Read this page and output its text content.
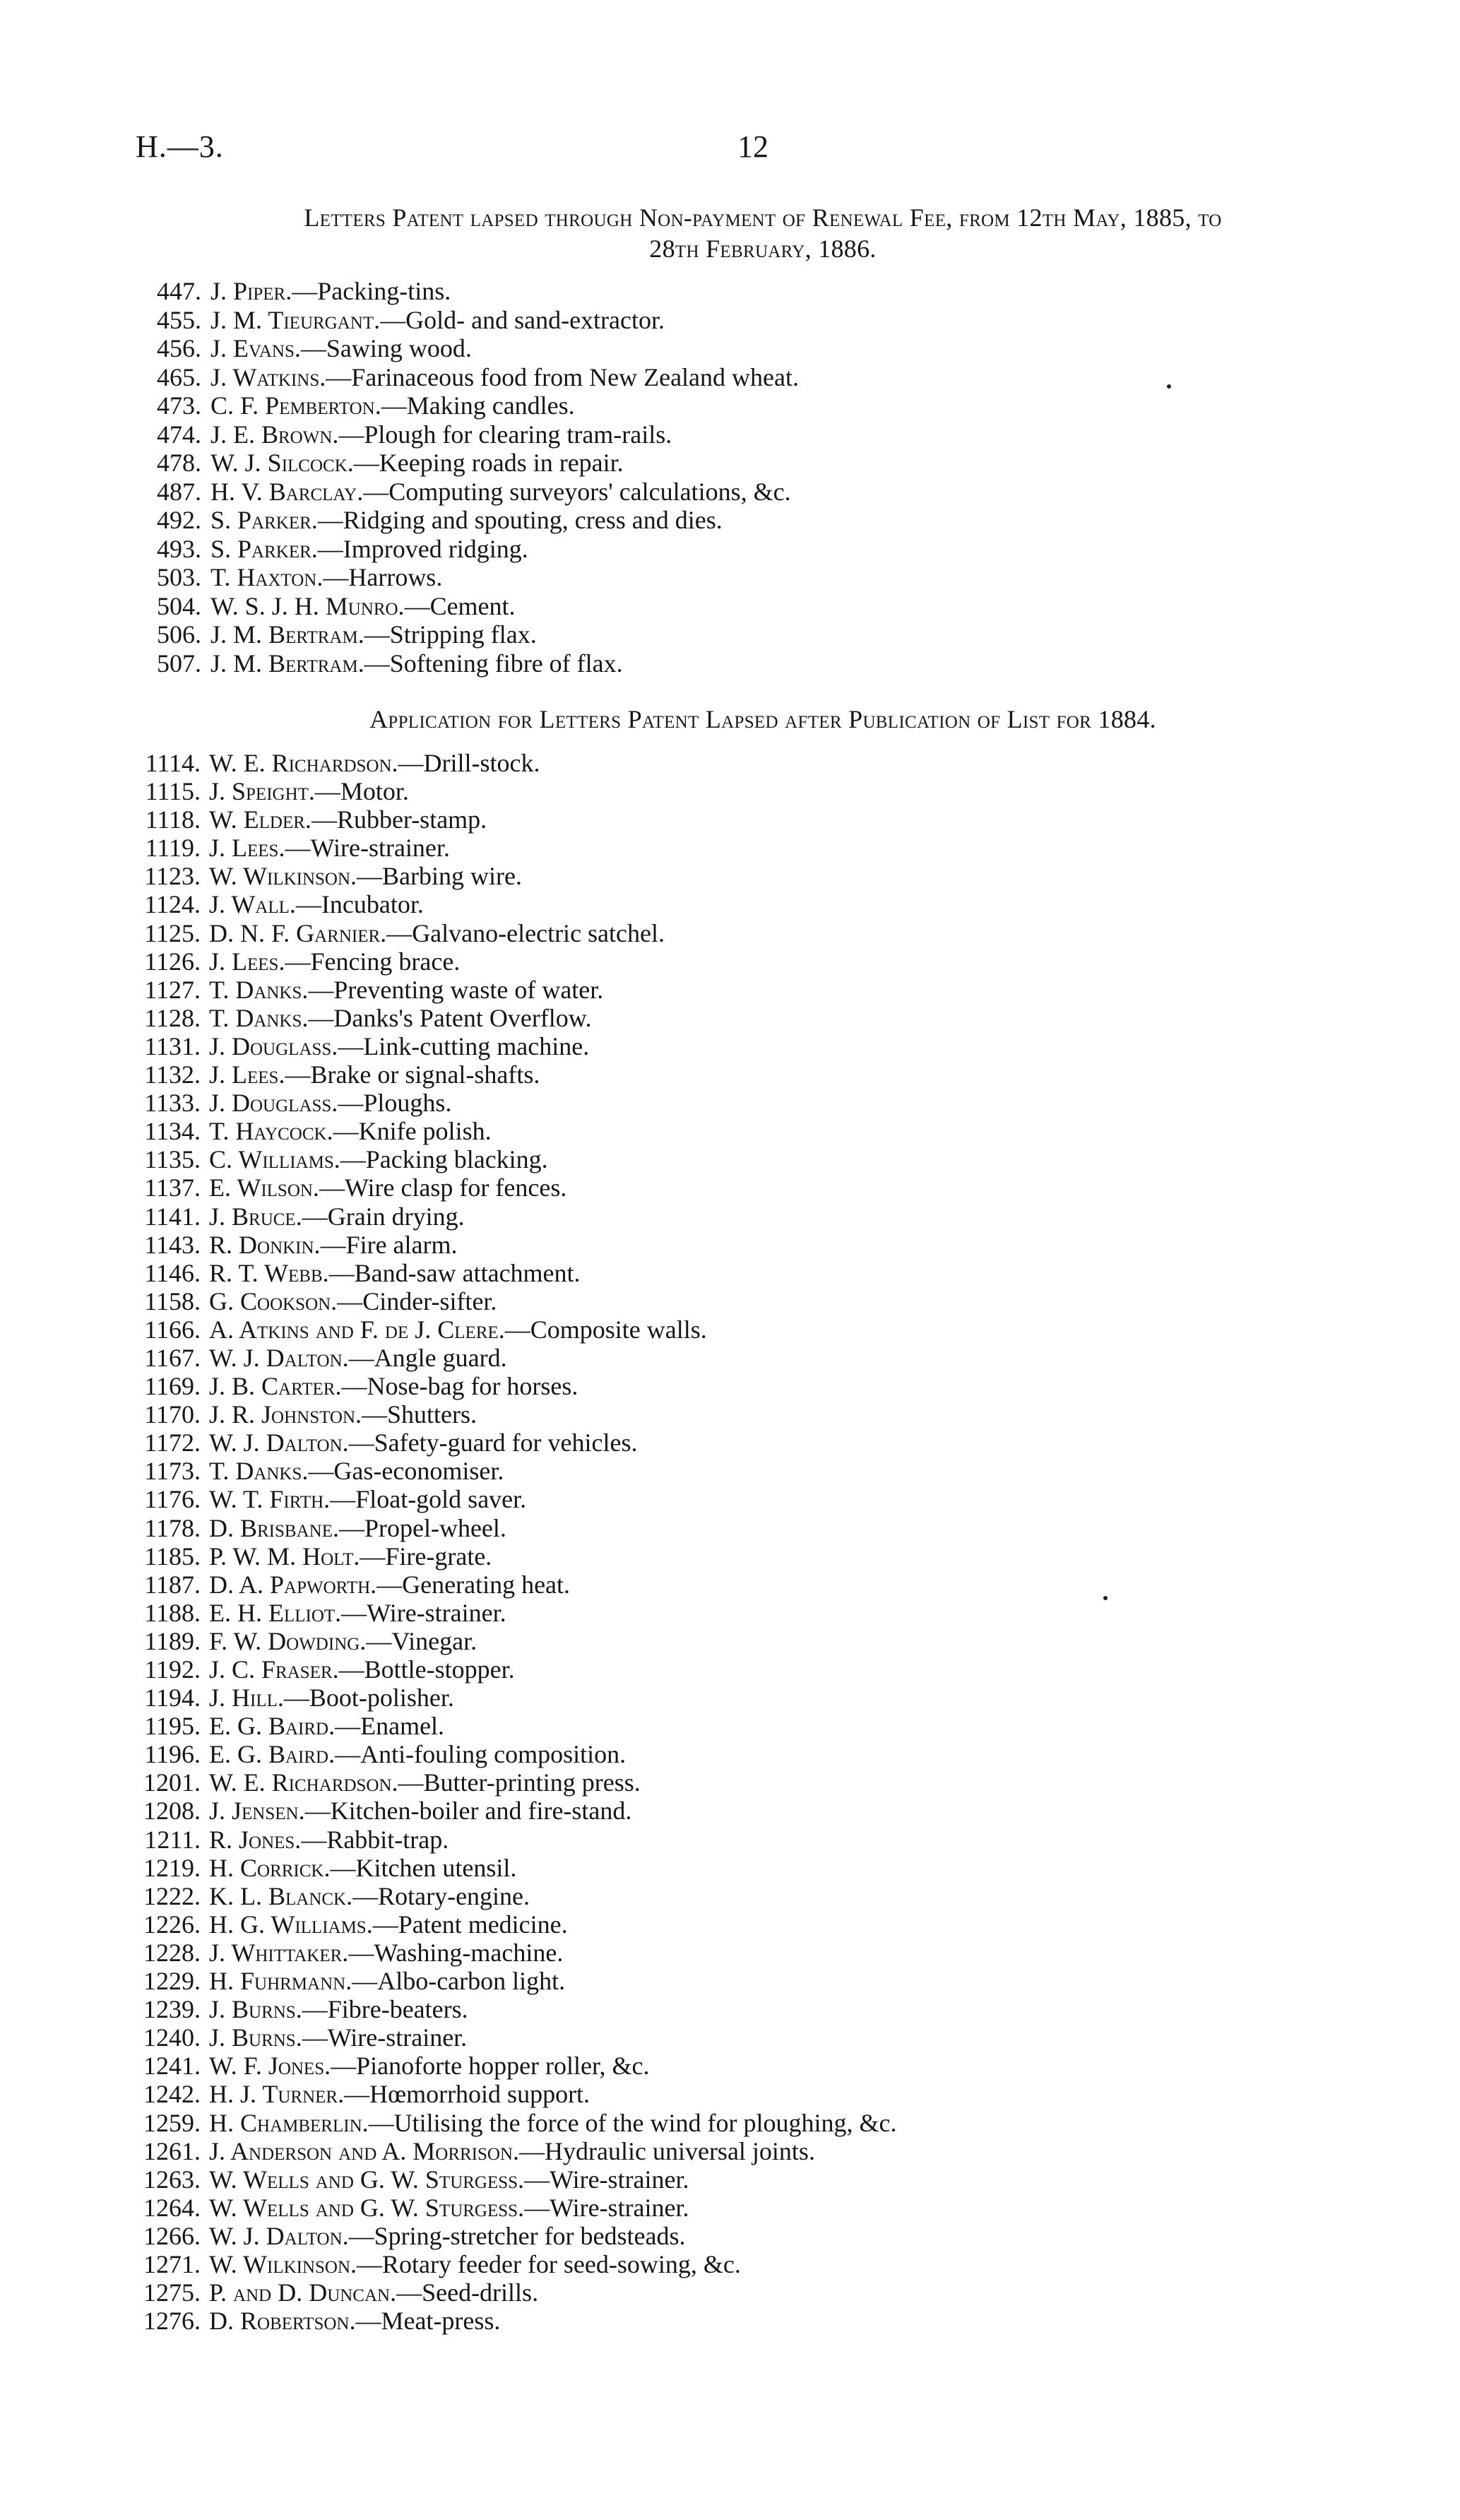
H.—3.	12
Letters Patent lapsed through Non-payment of Renewal Fee, from 12th May, 1885, to
28th February, 1886.
447. J. Piper.—Packing-tins.
455. J. M. Tieurgant.—Gold- and sand-extractor.
456. J. Evans.—Sawing wood.
465. J. Watkins.—Farinaceous food from New Zealand wheat.
473. C. F. Pemberton.—Making candles.
474. J. E. Brown.—Plough for clearing tram-rails.
478. W. J. Silcock.—Keeping roads in repair.
487. H. V. Barclay.—Computing surveyors' calculations, &c.
492. S. Parker.—Ridging and spouting, cress and dies.
493. S. Parker.—Improved ridging.
503. T. Haxton.—Harrows.
504. W. S. J. H. Munro.—Cement.
506. J. M. Bertram.—Stripping flax.
507. J. M. Bertram.—Softening fibre of flax.
Application for Letters Patent Lapsed after Publication of List for 1884.
1114. W. E. Richardson.—Drill-stock.
1115. J. Speight.—Motor.
1118. W. Elder.—Rubber-stamp.
1119. J. Lees.—Wire-strainer.
1123. W. Wilkinson.—Barbing wire.
1124. J. Wall.—Incubator.
1125. D. N. F. Garnier.—Galvano-electric satchel.
1126. J. Lees.—Fencing brace.
1127. T. Danks.—Preventing waste of water.
1128. T. Danks.—Danks's Patent Overflow.
1131. J. Douglass.—Link-cutting machine.
1132. J. Lees.—Brake or signal-shafts.
1133. J. Douglass.—Ploughs.
1134. T. Haycock.—Knife polish.
1135. C. Williams.—Packing blacking.
1137. E. Wilson.—Wire clasp for fences.
1141. J. Bruce.—Grain drying.
1143. R. Donkin.—Fire alarm.
1146. R. T. Webb.—Band-saw attachment.
1158. G. Cookson.—Cinder-sifter.
1166. A. Atkins and F. de J. Clere.—Composite walls.
1167. W. J. Dalton.—Angle guard.
1169. J. B. Carter.—Nose-bag for horses.
1170. J. R. Johnston.—Shutters.
1172. W. J. Dalton.—Safety-guard for vehicles.
1173. T. Danks.—Gas-economiser.
1176. W. T. Firth.—Float-gold saver.
1178. D. Brisbane.—Propel-wheel.
1185. P. W. M. Holt.—Fire-grate.
1187. D. A. Papworth.—Generating heat.
1188. E. H. Elliot.—Wire-strainer.
1189. F. W. Dowding.—Vinegar.
1192. J. C. Fraser.—Bottle-stopper.
1194. J. Hill.—Boot-polisher.
1195. E. G. Baird.—Enamel.
1196. E. G. Baird.—Anti-fouling composition.
1201. W. E. Richardson.—Butter-printing press.
1208. J. Jensen.—Kitchen-boiler and fire-stand.
1211. R. Jones.—Rabbit-trap.
1219. H. Corrick.—Kitchen utensil.
1222. K. L. Blanck.—Rotary-engine.
1226. H. G. Williams.—Patent medicine.
1228. J. Whittaker.—Washing-machine.
1229. H. Fuhrmann.—Albo-carbon light.
1239. J. Burns.—Fibre-beaters.
1240. J. Burns.—Wire-strainer.
1241. W. F. Jones.—Pianoforte hopper roller, &c.
1242. H. J. Turner.—Hœmorrhoid support.
1259. H. Chamberlin.—Utilising the force of the wind for ploughing, &c.
1261. J. Anderson and A. Morrison.—Hydraulic universal joints.
1263. W. Wells and G. W. Sturgess.—Wire-strainer.
1264. W. Wells and G. W. Sturgess.—Wire-strainer.
1266. W. J. Dalton.—Spring-stretcher for bedsteads.
1271. W. Wilkinson.—Rotary feeder for seed-sowing, &c.
1275. P. and D. Duncan.—Seed-drills.
1276. D. Robertson.—Meat-press.
